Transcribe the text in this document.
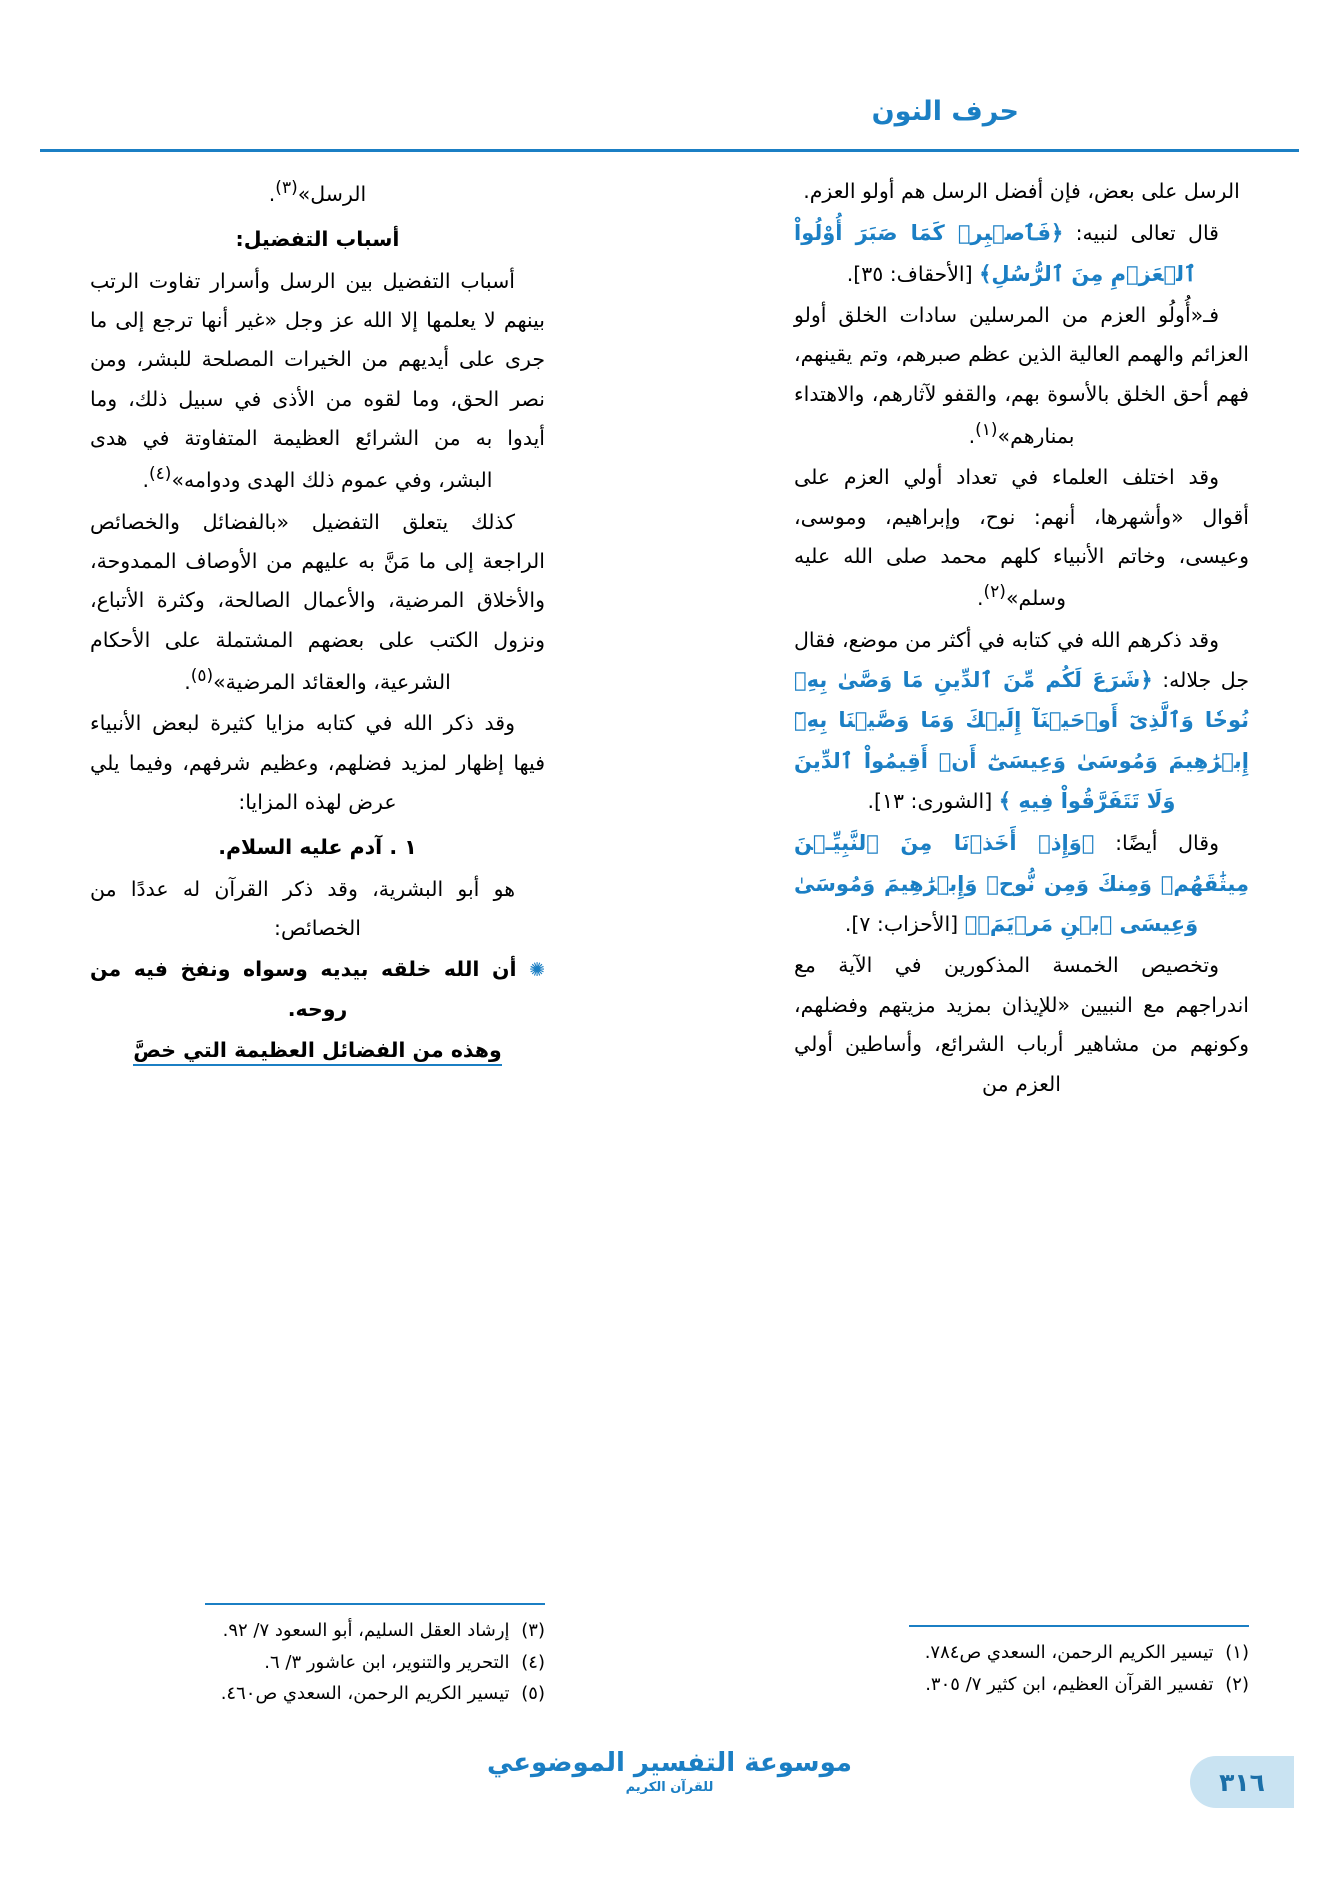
حرف النون

الرسل على بعض، فإن أفضل الرسل هم أولو العزم.

قال تعالى لنبيه: ﴿فَٱصۡبِرۡ كَمَا صَبَرَ أُوْلُواْ ٱلۡعَزۡمِ مِنَ ٱلرُّسُلِ﴾ [الأحقاف: ٣٥].

فـ«أُولُو العزم من المرسلين سادات الخلق أولو العزائم والهمم العالية الذين عظم صبرهم، وتم يقينهم، فهم أحق الخلق بالأسوة بهم، والقفو لآثارهم، والاهتداء بمنارهم»$^{(١)}$.

وقد اختلف العلماء في تعداد أولي العزم على أقوال «وأشهرها، أنهم: نوح، وإبراهيم، وموسى، وعيسى، وخاتم الأنبياء كلهم محمد صلى الله عليه وسلم»$^{(٢)}$.

وقد ذكرهم الله في كتابه في أكثر من موضع، فقال جل جلاله: ﴿شَرَعَ لَكُم مِّنَ ٱلدِّينِ مَا وَصَّىٰ بِهِۦ نُوحٗا وَٱلَّذِىٓ أَوۡحَيۡنَآ إِلَيۡكَ وَمَا وَصَّيۡنَا بِهِۦٓ إِبۡرَٰهِيمَ وَمُوسَىٰ وَعِيسَىٰٓ أَنۡ أَقِيمُواْ ٱلدِّينَ وَلَا تَتَفَرَّقُواْ فِيهِ ﴾ [الشورى: ١٣].

وقال أيضًا: ﴿وَإِذۡ أَخَذۡنَا مِنَ ٱلنَّبِيِّـۧنَ مِيثَٰقَهُمۡ وَمِنكَ وَمِن نُّوحٖ وَإِبۡرَٰهِيمَ وَمُوسَىٰ وَعِيسَى ٱبۡنِ مَرۡيَمَۖ﴾ [الأحزاب: ٧].

وتخصيص الخمسة المذكورين في الآية مع اندراجهم مع النبيين «للإيذان بمزيد مزيتهم وفضلهم، وكونهم من مشاهير أرباب الشرائع، وأساطين أولي العزم من

الرسل»$^{(٣)}$.

أسباب التفضيل:

أسباب التفضيل بين الرسل وأسرار تفاوت الرتب بينهم لا يعلمها إلا الله عز وجل «غير أنها ترجع إلى ما جرى على أيديهم من الخيرات المصلحة للبشر، ومن نصر الحق، وما لقوه من الأذى في سبيل ذلك، وما أيدوا به من الشرائع العظيمة المتفاوتة في هدى البشر، وفي عموم ذلك الهدى ودوامه»$^{(٤)}$.

كذلك يتعلق التفضيل «بالفضائل والخصائص الراجعة إلى ما مَنَّ به عليهم من الأوصاف الممدوحة، والأخلاق المرضية، والأعمال الصالحة، وكثرة الأتباع، ونزول الكتب على بعضهم المشتملة على الأحكام الشرعية، والعقائد المرضية»$^{(٥)}$.

وقد ذكر الله في كتابه مزايا كثيرة لبعض الأنبياء فيها إظهار لمزيد فضلهم، وعظيم شرفهم، وفيما يلي عرض لهذه المزايا:

١ . آدم عليه السلام.

هو أبو البشرية، وقد ذكر القرآن له عددًا من الخصائص:

✺ أن الله خلقه بيديه وسواه ونفخ فيه من روحه.

وهذه من الفضائل العظيمة التي خصَّ

(١) تيسير الكريم الرحمن، السعدي ص٧٨٤.
(٢) تفسير القرآن العظيم، ابن كثير ٧/ ٣٠٥.
(٣) إرشاد العقل السليم، أبو السعود ٧/ ٩٢.
(٤) التحرير والتنوير، ابن عاشور ٣/ ٦.
(٥) تيسير الكريم الرحمن، السعدي ص٤٦٠.
موسوعة التفسير الموضوعي
للقرآن الكريم	٣١٦
